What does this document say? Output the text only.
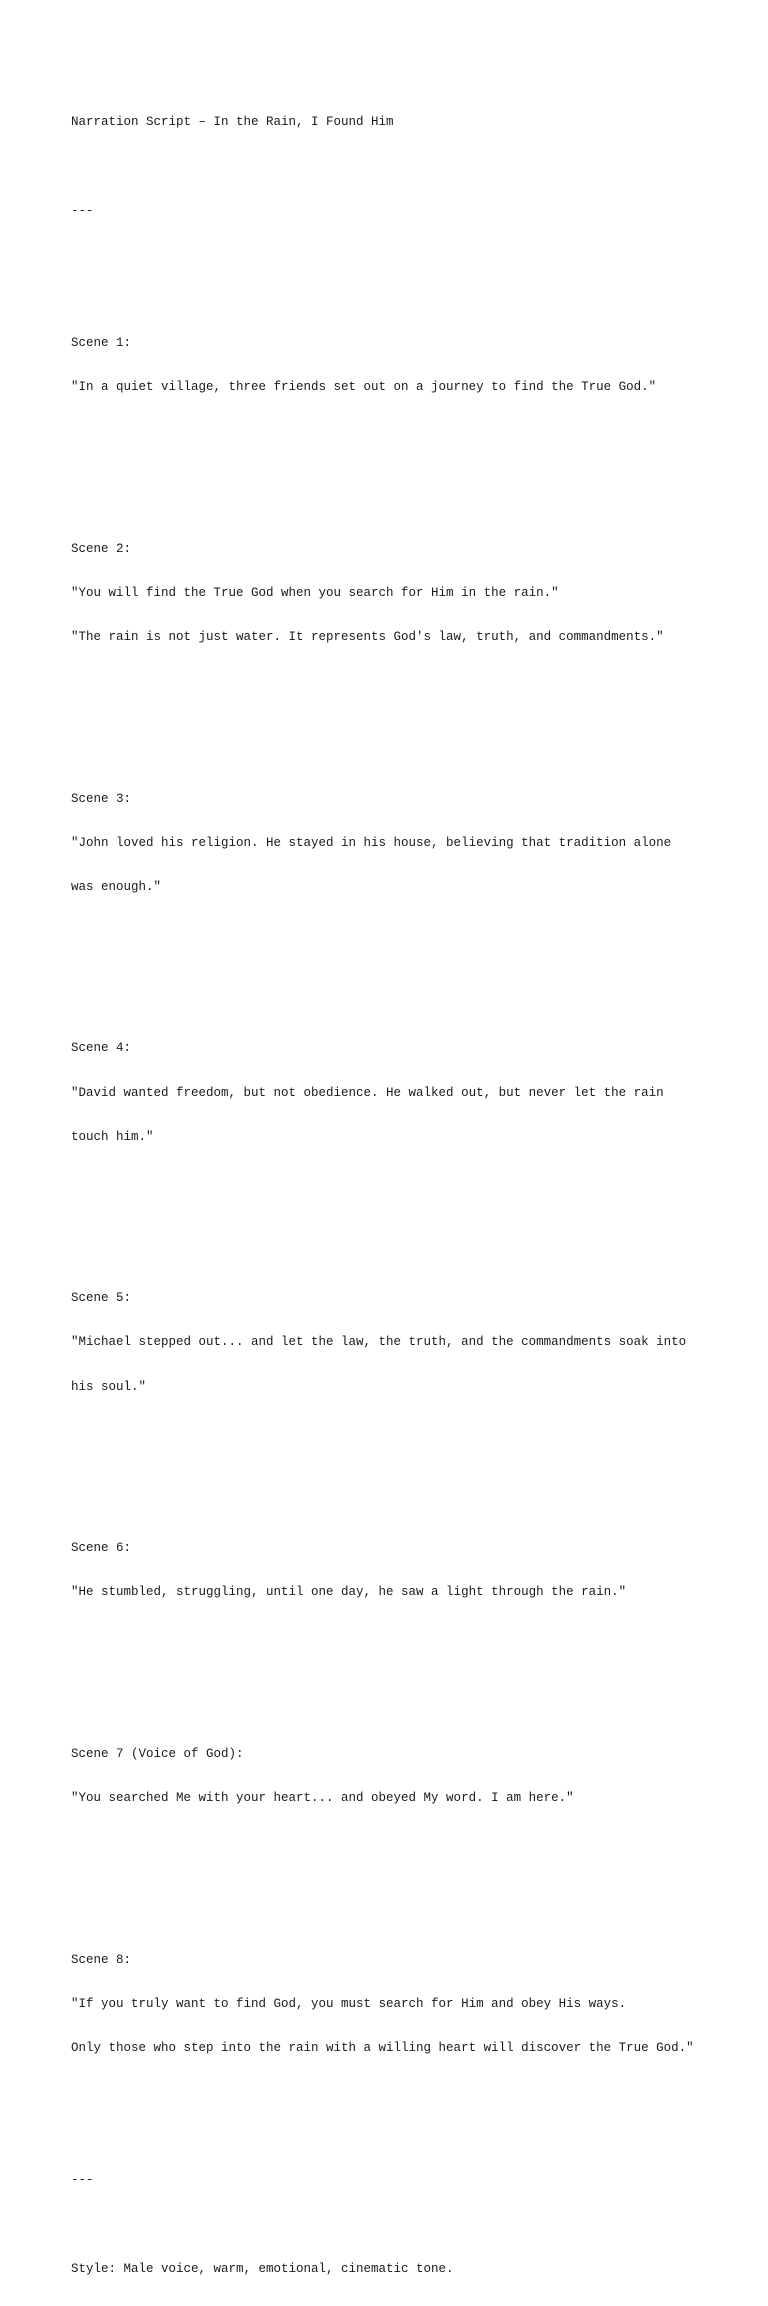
Narration Script – In the Rain, I Found Him

---

Scene 1:

"In a quiet village, three friends set out on a journey to find the True God."

Scene 2:

"You will find the True God when you search for Him in the rain."

"The rain is not just water. It represents God's law, truth, and commandments."

Scene 3:

"John loved his religion. He stayed in his house, believing that tradition alone

was enough."

Scene 4:

"David wanted freedom, but not obedience. He walked out, but never let the rain

touch him."

Scene 5:

"Michael stepped out... and let the law, the truth, and the commandments soak into

his soul."

Scene 6:

"He stumbled, struggling, until one day, he saw a light through the rain."

Scene 7 (Voice of God):

"You searched Me with your heart... and obeyed My word. I am here."

Scene 8:

"If you truly want to find God, you must search for Him and obey His ways.

Only those who step into the rain with a willing heart will discover the True God."

---

Style: Male voice, warm, emotional, cinematic tone.
